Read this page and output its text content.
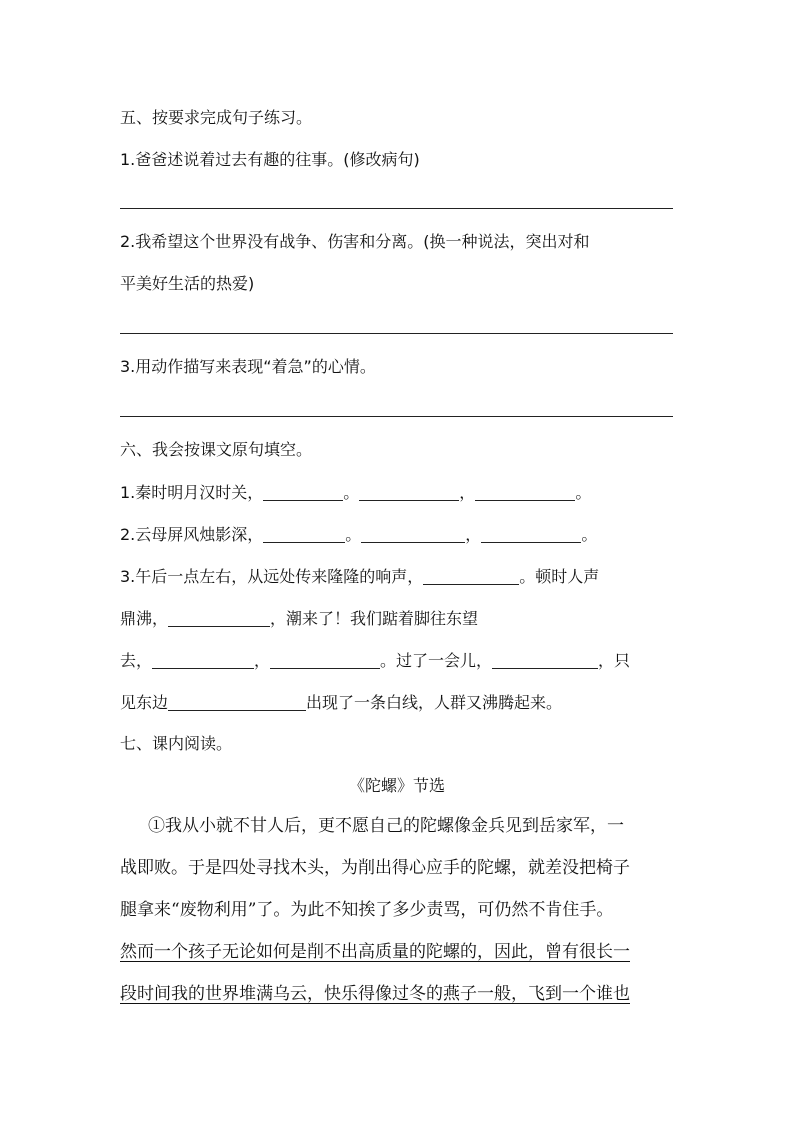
五、按要求完成句子练习。
1.爸爸述说着过去有趣的往事。(修改病句)
2.我希望这个世界没有战争、伤害和分离。(换一种说法，突出对和
平美好生活的热爱)
3.用动作描写来表现“着急”的心情。
六、我会按课文原句填空。
1.秦时明月汉时关，	。	，	。
2.云母屏风烛影深，	。	，	。
3.午后一点左右，从远处传来隆隆的响声，	。顿时人声
鼎沸，	，潮来了！我们踮着脚往东望
去，	，	。过了一会儿，	，只
见东边	出现了一条白线，人群又沸腾起来。
七、课内阅读。
《陀螺》节选
①我从小就不甘人后，更不愿自己的陀螺像金兵见到岳家军，一
战即败。于是四处寻找木头，为削出得心应手的陀螺，就差没把椅子
腿拿来“废物利用”了。为此不知挨了多少责骂，可仍然不肯住手。
然而一个孩子无论如何是削不出高质量的陀螺的，因此，曾有很长一
段时间我的世界堆满乌云，快乐得像过冬的燕子一般，飞到一个谁也
